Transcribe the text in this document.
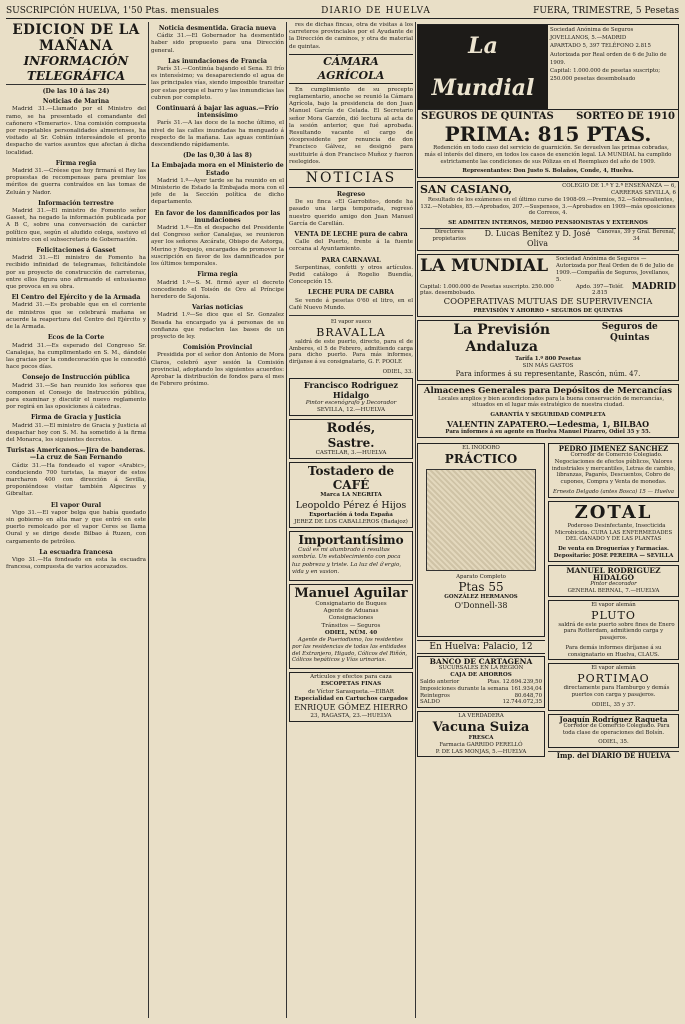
SUSCRIPCIÓN HUELVA, 1'50 Ptas. mensuales	DIARIO DE HUELVA	FUERA, TRIMESTRE, 5 Pesetas
EDICION DE LA MAÑANA
INFORMACIÓN TELEGRÁFICA
(De las 10 á las 24)
Noticias de Marina

Madrid 31.—Llamado por el Ministro del ramo, se ha presentado el comandante del cañonero «Temerario». Una comisión compuesta por respetables personalidades almerienses, ha visitado al Sr. Cobián interesándole el pronto despacho de varios asuntos que afectan á dicha localidad.

Firma regia

Madrid 31.—Créese que hoy firmará el Rey las propuestas de recompensas para premiar los méritos de guerra contraídos en las tomas de Zeluán y Nador.

Información terrestre

Madrid 31.—El ministro de Fomento señor Gasset, ha negado la información publicada por A B C, sobre una conversación de carácter político que, según el aludido colega, sostuvo el ministro con el subsecretario de Gobernación.

Felicitaciones á Gasset

Madrid 31.—El ministro de Fomento ha recibido infinidad de telegramas, felicitándole por su proyecto de construcción de carreteras, entre ellos figura uno afirmando el entusiasmo que provoca en su obra.

El Centro del Ejército y de la Armada

Madrid 31.—Es probable que en el corriente de ministros que se celebrará mañana se acuerde la reapertura del Centro del Ejército y de la Armada.

Ecos de la Corte

Madrid 31.—Es esperado del Congreso Sr. Canalejas, ha cumplimentado en S. M., dándole las gracias por la condecoración que le concedió hace pocos días.

Consejo de Instrucción pública

Madrid 31.—Se han reunido los señores que componen el Consejo de Instrucción pública, para examinar y discutir el nuevo reglamento por regirá en las oposiciones á cátedras.

Firma de Gracia y Justicia

Madrid 31.—El ministro de Gracia y Justicia al despachar hoy con S. M. ha sometido á la firma del Monarca, los siguientes decretos.

Turistas Americanos.—Jira de banderas.—La cruz de San Fernando

Cádiz 31.—Ha fondeado el vapor «Arabic», conduciendo 700 turistas, la mayor de estos marcharon 400 con dirección á Sevilla, proponiéndose visitar también Algeciras y Gibraltar.

El vapor Oural

Vigo 31.—El vapor belga que había quedado sin gobierno en alta mar y que entró en este puerto remolcado por el vapor Ceres se llama Oural y se dirige desde Bilbao á Ruzen, con cargamento de petróleo.

La escuadra francesa

Vigo 31.—Ha fondeado en esta la escuadra francesa, compuesta de varios acorazados.

Noticia desmentida. Gracia nueva

Cádiz 31.—El Gobernador ha desmentido haber sido propuesto para una Dirección general.

Las inundaciones de Francia

París 31.—Continúa bajando el Sena. El frío es intensísimo; va desapareciendo el agua de las principales vías, siendo imposible transitar por estas porque el barro y las inmundicias las cubren por completo.

Continuará á bajar las aguas.—Frío intensísimo

París 31.—A las doce de la noche último, el nivel de las calles inundadas ha menguado á respecto de la mañana. Las aguas continúan descendiendo rápidamente.

(De las 0,30 á las 8)

La Embajada mora en el Ministerio de Estado

Madrid 1.º—Ayer tarde se ha reunido en el Ministerio de Estado la Embajada mora con el jefe de la Sección política de dicho departamento.

En favor de los damnificados por las inundaciones

Madrid 1.º—En el despacho del Presidente del Congreso señor Canalejas, se reunieron ayer los señores Azcárate, Obispo de Astorga, Merino y Requejo, encargados de promover la suscripción en favor de los damnificados por los últimos temporales.

Firma regia

Madrid 1.º—S. M. firmó ayer el decreto concediendo el Toisón de Oro al Príncipe heredero de Sajonia.

Varias noticias

Madrid 1.º—Se dice que el Sr. Gonzalez Besada ha encargado ya á personas de su confianza que redacten las bases de un proyecto de ley.

Comisión Provincial

Presidida por el señor don Antonio de Mora Claros, celebró ayer sesión la Comisión provincial, adoptando los siguientes acuerdos: Aprobar la distribución de fondos para el mes de Febrero próximo.

res de dichas fincas, otra de visitas á los carreteros provinciales por el Ayudante de la Dirección de caminos, y otra de material de quintas.

CÁMARA AGRÍCOLA

En cumplimiento de su precepto reglamentario, anoche se reunió la Cámara Agrícola, bajo la presidencia de don Juan Manuel García de Celada. El Secretario señor Mora Garzón, dió lectura al acta de la sesión anterior, que fué aprobada. Resultando vacante el cargo de vicepresidente por renuncia de don Francisco Gálvez, se designó para sustituirle á don Francisco Muñoz y fueron reelegidos.

NOTICIAS
Regreso

De su finca «El Garrobito», donde ha pasado una larga temporada, regresó nuestro querido amigo don Juan Manuel García de Carellán.

VENTA DE LECHE pura de cabra

Calle del Puerto, frente á la fuente cercana al Ayuntamiento.

PARA CARNAVAL

Serpentinas, confetti y otros artículos. Pedid catálogo á Rogelio Buendía, Concepción 15.

LECHE PURA DE CABRA

Se vende á pesetas 0'60 el litro, en el Café Nuevo Mundo.

El vapor sueco
BRAVALLA

saldrá de este puerto, directo, para el de Amberes, el 5 de Febrero, admitiendo carga para dicho puerto. Para más informes, diríjanse á su consignatario, G. F. POOLE

ODIEL, 33.
Francisco Rodriguez Hidalgo
Pintor escenógrafo y Decorador
SEVILLA, 12.—HUELVA
Rodés,
Sastre.
CASTELAR, 3.—HUELVA
Tostadero de CAFÉ
Marca LA NEGRITA
Leopoldo Pérez é Hijos
Exportación á toda España
JEREZ DE LOS CABALLEROS (Badajoz)
Importantísimo

Cuál es mi alumbrado á resultas sombría. Un establecimiento con poca luz pobreza y triste. La luz del á'ergio, vida y en vasion.

Manuel Aguilar
Consignatario de Buques
Agente de Aduanas
Consignaciones
Tránsitos — Seguros
ODIEL, NÚM. 40

Agente de Pueriodismo, los residentes por las residencias de todas las entidades del Extranjero, Higado, Cólicos del Riñón, Cólicos hepáticos y Vías urinarias.

Artículos y efectos para caza
ESCOPETAS FINAS
de Víctor Sarasqueta.—EIBAR
Especialidad en Cartuchos cargados
ENRIQUE GÓMEZ HIERRO
23, RAGASTA, 23.—HUELVA
La Mundial
Sociedad Anónima de Seguros
JOVELLANOS, 5.—MADRID
APARTADO 5, 397 TELÉFONO 2.815
Autorizada por Real orden de 6 de Julio de 1909.
Capital: 1.000.000 de pesetas suscripto; 250.000 pesetas desembolsado
SEGUROS DE QUINTAS SORTEO DE 1910
PRIMA: 815 PTAS.

Redención en todo caso del servicio de guarnición. Se devuelven las primas cobradas, más el interés del dinero, en todos los casos de exención legal. LA MUNDIAL ha cumplido estrictamente las condiciones de sus Pólizas en el Reemplazo del año de 1909.

Representantes: Don Justo S. Bolaños, Conde, 4, Huelva.
SAN CASIANO,	COLEGIO DE 1.ª Y 2.ª ENSEÑANZA — 6, CARRERAS SEVILLA, 6

Resultado de los exámenes en el último curso de 1908-09.—Premios, 52.—Sobresalientes, 132.—Notables, 85.—Aprobados, 207.—Suspensos, 3.—Aprobados en 1909—más oposiciones de Correos, 4.

SE ADMITEN INTERNOS, MEDIO PENSIONISTAS Y EXTERNOS
Directores propietarios
D. Lucas Benítez y D. José Oliva
Cánovas, 39 y Gral. Berenal, 34
LA MUNDIAL Sociedad Anónima de Seguros — Autorizada por Real Orden de 6 de Julio de 1909.—Compañía de Seguros, Jovellanos, 5.
Capital: 1.000.000 de Pesetas suscripto. 250.000 ptas. desembolsado.
Apdo. 397—Teléf. 2.815
MADRID
COOPERATIVAS MUTUAS DE SUPERVIVENCIA
PREVISIÓN Y AHORRO • SEGUROS DE QUINTAS
La Previsión Andaluza
Seguros de Quintas
Tarifa 1.º 800 Pesetas
SIN MÁS GASTOS
Para informes á su representante, Rascón, núm. 47.
Almacenes Generales para Depósitos de Mercancías

Locales amplios y bien acondicionados para la buena conservación de mercancías, situados en el lugar más estratégico de nuestra ciudad.

GARANTÍA Y SEGURIDAD COMPLETA
VALENTIN ZAPATERO.—Ledesma, 1, BILBAO
Para informes á su agente en Huelva Manuel Pizarro, Odiel 35 y 55.
EL INODORO
PRÁCTICO
Aparato Completo
Ptas 55
GONZÁLEZ HERMANOS
O'Donnell-38
En Huelva: Palacio, 12
BANCO DE CARTAGENA
SUCURSALES EN LA REGIÓN
CAJA DE AHORROS
Saldo anterior	Ptas. 12.694.239,50
Imposiciones durante la semana 161.934,04
Reintegros	80.648,70
SALDO	12.744.072,35
LA VERDADERA
Vacuna Suiza
FRESCA
Farmacia GARRIDO PERELLÓ
P. DE LAS MONJAS, 5.—HUELVA
PEDRO JIMENEZ SANCHEZ

Corredor de Comercio Colegiado. Negociaciones de efectos públicos, Valores industriales y mercantiles, Letras de cambio, libranzas, Pagarés, Descuentos, Cobro de cupones, Compra y Venta de monedas.

Ernesto Delgado (antes Bosca) 15 — Huelva
ZOTAL

Poderoso Desinfectante, Insecticida Microbicida. CURA LAS ENFERMEDADES DEL GANADO Y DE LAS PLANTAS

De venta en Droguerías y Farmacias. Depositario: JOSE PEREIRA — SEVILLA
MANUEL RODRIGUEZ HIDALGO
Pintor decorador
GENERAL BERNAL, 7.—HUELVA
El vapor alemán
PLUTO

saldrá de este puerto sobre fines de Enero para Rotterdam, admitiendo carga y pasajeros.

Para demás informes diríjanse á su consignatario en Huelva, CLAUS.
El vapor alemán
PORTIMAO

directamente para Hamburgo y demás puertos con carga y pasajeros.

ODIEL, 35 y 37.
Joaquín Rodríguez Raqueta

Corredor de Comercio Colegiado. Para toda clase de operaciones del Bolsín.

ODIEL, 35.
Imp. del DIARIO DE HUELVA
